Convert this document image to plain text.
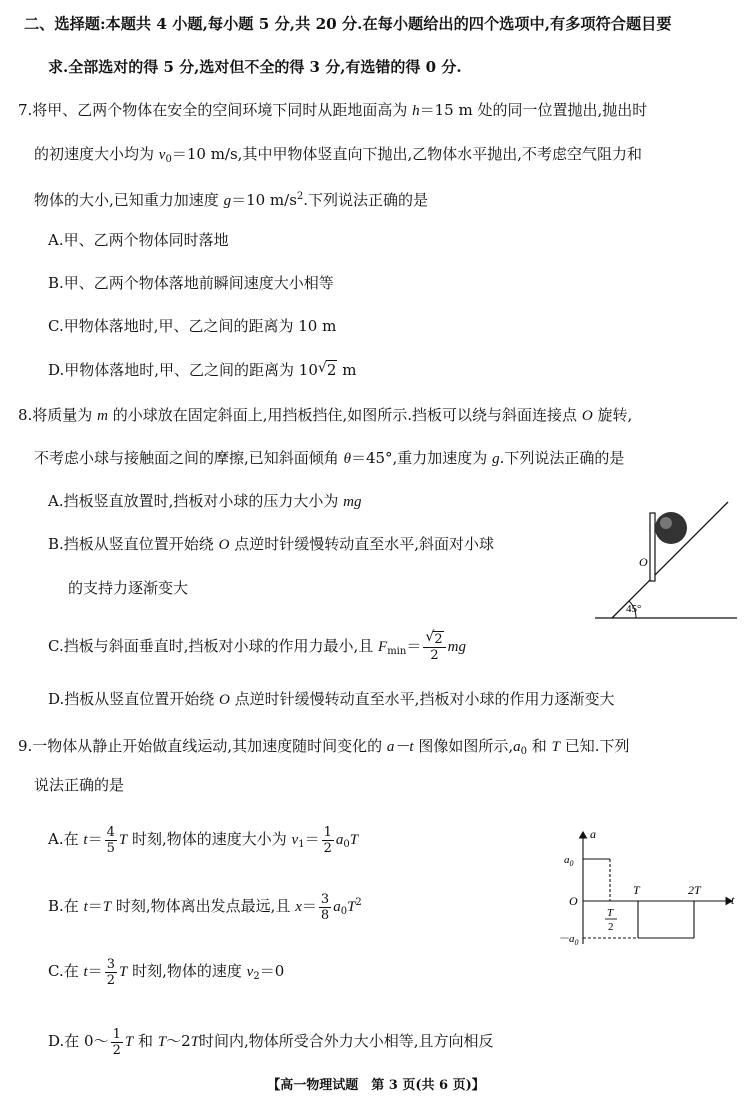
二、选择题:本题共 4 小题,每小题 5 分,共 20 分.在每小题给出的四个选项中,有多项符合题目要
求.全部选对的得 5 分,选对但不全的得 3 分,有选错的得 0 分.
7.将甲、乙两个物体在安全的空间环境下同时从距地面高为 h＝15 m 处的同一位置抛出,抛出时
的初速度大小均为 $v_0=10$ m/s,其中甲物体竖直向下抛出,乙物体水平抛出,不考虑空气阻力和
物体的大小,已知重力加速度 g＝10 $m/s^2$.下列说法正确的是
A.甲、乙两个物体同时落地
B.甲、乙两个物体落地前瞬间速度大小相等
C.甲物体落地时,甲、乙之间的距离为 10 m
D.甲物体落地时,甲、乙之间的距离为 10 √ 2 m
8.将质量为 m 的小球放在固定斜面上,用挡板挡住,如图所示.挡板可以绕与斜面连接点 O 旋转,
不考虑小球与接触面之间的摩擦,已知斜面倾角 θ＝45°,重力加速度为 g.下列说法正确的是
A.挡板竖直放置时,挡板对小球的压力大小为 mg
B.挡板从竖直位置开始绕 O 点逆时针缓慢转动直至水平,斜面对小球
的支持力逐渐变大
C.挡板与斜面垂直时,挡板对小球的作用力最小,且 $F_{min}= \frac{√ 2}{2}$ mg
D.挡板从竖直位置开始绕 O 点逆时针缓慢转动直至水平,挡板对小球的作用力逐渐变大
O
45°
9.一物体从静止开始做直线运动,其加速度随时间变化的 a－t 图像如图所示$,a_0$ 和 T 已知.下列
说法正确的是
A.在 $t= \frac{4}{5}$ T 时刻,物体的速度大小为 $v_1= \frac{1}{2} a_0T$
B.在 t＝T 时刻,物体离出发点最远,且 $x= \frac{3}{8} a_0T^2$
C.在 $t= \frac{3}{2}$ T 时刻,物体的速度 $v_2=0$
D.在 0～ $\frac{1}{2}$ T 和 T～2T时间内,物体所受合外力大小相等,且方向相反
a
$a_0$
$-a_0$
O
T	2T
t
T
2
【高一物理试题　第 3 页(共 6 页)】
